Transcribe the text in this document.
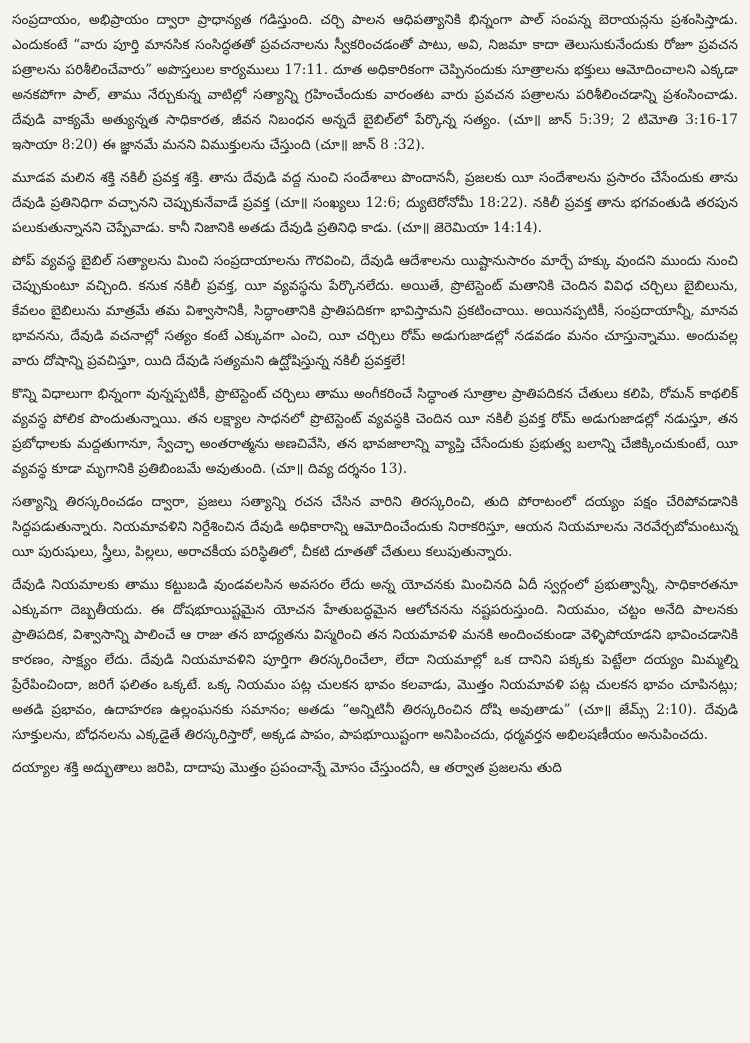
సంప్రదాయం, అభిప్రాయం ద్వారా ప్రాధాన్యత గడిస్తుంది. చర్చి పాలన ఆధిపత్యానికి భిన్నంగా పాల్ సంపన్న బెరాయన్లను ప్రశంసిస్తాడు. ఎందుకంటే “వారు పూర్తి మానసిక సంసిద్ధతతో ప్రవచనాలను స్వీకరించడంతో పాటు, అవి, నిజమా కాదా తెలుసుకునేందుకు రోజూ ప్రవచన పత్రాలను పరిశీలించేవారు” అపొస్తలుల కార్యములు 17:11. దూత అధికారికంగా చెప్పినందుకు సూత్రాలను భక్తులు ఆమోదించాలని ఎక్కడా అనకపోగా పాల్, తాము నేర్చుకున్న వాటిల్లో సత్యాన్ని గ్రహించేందుకు వారంతట వారు ప్రవచన పత్రాలను పరిశీలించడాన్ని ప్రశంసించాడు. దేవుడి వాక్యమే అత్యున్నత సాధికారత, జీవన నిబంధన అన్నదే బైబిల్‌లో పేర్కొన్న సత్యం. (చూ॥ జాన్ 5:39; 2 టిమోతి 3:16-17 ఇసాయా 8:20) ఈ జ్ఞానమే మనని విముక్తులను చేస్తుంది (చూ॥ జాన్ 8 :32).

మూడవ మలిన శక్తి నకిలీ ప్రవక్త శక్తి. తాను దేవుడి వద్ద నుంచి సందేశాలు పొందాననీ, ప్రజలకు యీ సందేశాలను ప్రసారం చేసేందుకు తాను దేవుడి ప్రతినిధిగా వచ్చానని చెప్పుకునేవాడే ప్రవక్త (చూ॥ సంఖ్యలు 12:6; ద్యుటెరోనోమీ 18:22). నకిలీ ప్రవక్త తాను భగవంతుడి తరపున పలుకుతున్నానని చెప్పేవాడు. కానీ నిజానికి అతడు దేవుడి ప్రతినిధి కాడు. (చూ॥ జెరెమియా 14:14).

పోప్ వ్యవస్థ బైబిల్ సత్యాలను మించి సంప్రదాయాలను గౌరవించి, దేవుడి ఆదేశాలను యిష్టానుసారం మార్చే హక్కు వుందని ముందు నుంచి చెప్పుకుంటూ వచ్చింది. కనుక నకిలీ ప్రవక్త, యీ వ్యవస్థను పేర్కొనలేదు. అయితే, ప్రొటెస్టెంట్ మతానికి చెందిన వివిధ చర్చిలు బైబిలును, కేవలం బైబిలును మాత్రమే తమ విశ్వాసానికీ, సిద్ధాంతానికి ప్రాతిపదికగా భావిస్తామని ప్రకటించాయి. అయినప్పటికీ, సంప్రదాయాన్నీ, మానవ భావనను, దేవుడి వచనాల్లో సత్యం కంటే ఎక్కువగా ఎంచి, యీ చర్చిలు రోమ్ అడుగుజాడల్లో నడవడం మనం చూస్తున్నాము. అందువల్ల వారు దోషాన్ని ప్రవచిస్తూ, యిది దేవుడి సత్యమని ఉద్ఘోషిస్తున్న నకిలీ ప్రవక్తలే!

కొన్ని విధాలుగా భిన్నంగా వున్నప్పటికీ, ప్రొటెస్టెంట్ చర్చిలు తాము అంగీకరించే సిద్ధాంత సూత్రాల ప్రాతిపదికన చేతులు కలిపి, రోమన్ కాథలిక్ వ్యవస్థ పోలిక పొందుతున్నాయి. తన లక్ష్యాల సాధనలో ప్రొటెస్టెంట్ వ్యవస్థకి చెందిన యీ నకిలీ ప్రవక్త రోమ్ అడుగుజాడల్లో నడుస్తూ, తన ప్రబోధాలకు మద్దతుగానూ, స్వేచ్ఛా అంతరాత్మను అణచివేసి, తన భావజాలాన్ని వ్యాప్తి చేసేందుకు ప్రభుత్వ బలాన్ని చేజిక్కించుకుంటే, యీ వ్యవస్థ కూడా మృగానికి ప్రతిబింబమే అవుతుంది. (చూ॥ దివ్య దర్శనం 13).

సత్యాన్ని తిరస్కరించడం ద్వారా, ప్రజలు సత్యాన్ని రచన చేసిన వారిని తిరస్కరించి, తుది పోరాటంలో దయ్యం పక్షం చేరిపోవడానికి సిద్ధపడుతున్నారు. నియమావళిని నిర్దేశించిన దేవుడి అధికారాన్ని ఆమోదించేందుకు నిరాకరిస్తూ, ఆయన నియమాలను నెరవేర్చబోమంటున్న యీ పురుషులు, స్త్రీలు, పిల్లలు, అరాచకీయ పరిస్థితిలో, చీకటి దూతతో చేతులు కలుపుతున్నారు.

దేవుడి నియమాలకు తాము కట్టుబడి వుండవలసిన అవసరం లేదు అన్న యోచనకు మించినది ఏదీ స్వర్గంలో ప్రభుత్వాన్నీ, సాధికారతనూ ఎక్కువగా దెబ్బతీయదు. ఈ దోషభూయిష్టమైన యోచన హేతుబద్ధమైన ఆలోచనను నష్టపరుస్తుంది. నియమం, చట్టం అనేది పాలనకు ప్రాతిపదిక, విశ్వాసాన్ని పాలించే ఆ రాజు తన బాధ్యతను విస్మరించి తన నియమావళి మనకి అందించకుండా వెళ్ళిపోయాడని భావించడానికి కారణం, సాక్ష్యం లేదు. దేవుడి నియమావళిని పూర్తిగా తిరస్కరించేలా, లేదా నియమాల్లో ఒక దానిని పక్కకు పెట్టేలా దయ్యం మిమ్మల్ని ప్రేరేపించిందా, జరిగే ఫలితం ఒక్కటే. ఒక్క నియమం పట్ల చులకన భావం కలవాడు, మొత్తం నియమావళి పట్ల చులకన భావం చూపినట్లు; అతడి ప్రభావం, ఉదాహరణ ఉల్లంఘనకు సమానం; అతడు “అన్నిటినీ తిరస్కరించిన దోషి అవుతాడు” (చూ॥ జేమ్స్ 2:10). దేవుడి సూక్తులను, బోధనలను ఎక్కడైతే తిరస్కరిస్తారో, అక్కడ పాపం, పాపభూయిష్టంగా అనిపించదు, ధర్మవర్తన అభిలషణీయం అనుపించదు.

దయ్యాల శక్తి అద్భుతాలు జరిపి, దాదాపు మొత్తం ప్రపంచాన్నే మోసం చేస్తుందనీ, ఆ తర్వాత ప్రజలను తుది
